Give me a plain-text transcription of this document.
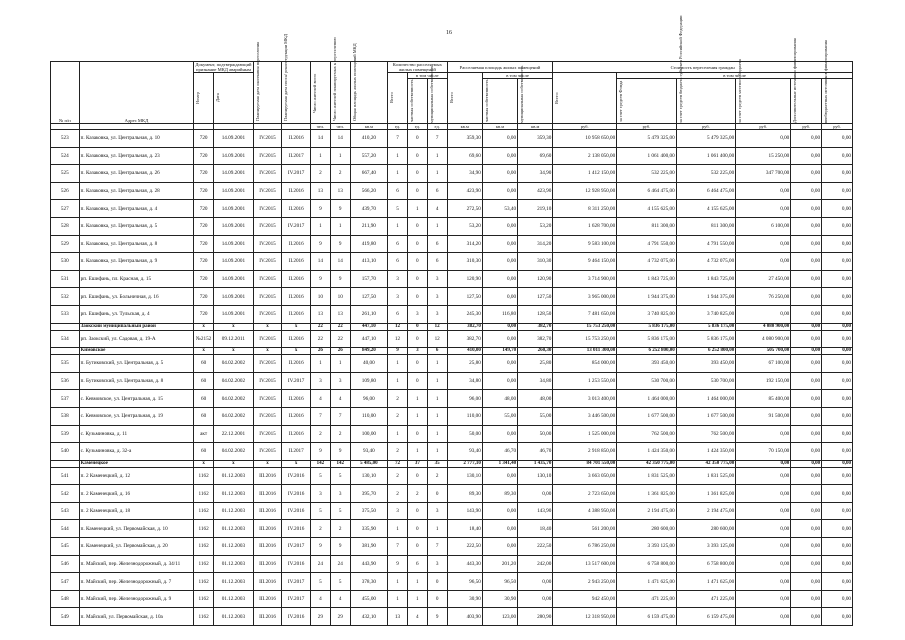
16
№ п/п	Адрес МКД	Документ, подтверждающий признание МКД аварийным		Планируемая дата окончания переселения	Планируемая дата сноса/ реконструкции МКД	Число жителей всего	Число жителей планируемых к переселению	Общая площадь жилых помещений МКД	Количество расселяемых жилых помещений			Расселяемая площадь жилых помещений			Стоимость переселения граждан					

		Номер	Дата						Всего	в том числе		Всего	в том числе		Всего:	в том числе				

										частная собственность	муниципальная собственность		частная собственность	муниципальная собственность		за счет средств Фонда	за счет средств бюджета субъекта Российской Федерации	за счет средств местного бюджета	Дополнительные источники финансирования	внебюджетных источников финансирования

						чел.	чел.	кв.м	ед.	ед.	ед.	кв.м	кв.м	кв.м	руб.	руб.	руб.	руб.	руб.	руб.
523	п. Казаковка, ул. Центральная, д. 10	720	14.09.2001	IV.2015	II.2016	14	14	410,20	7	0	7	359,30	0,00	359,30	10 958 650,00	5 479 325,00	5 479 325,00	0,00	0,00	0,00
524	п. Казаковка, ул. Центральная, д. 23	720	14.09.2001	IV.2015	II.2017	1	1	557,20	1	0	1	69,60	0,00	69,60	2 138 050,00	1 061 400,00	1 061 400,00	15 250,00	0,00	0,00
525	п. Казаковка, ул. Центральная, д. 26	720	14.09.2001	IV.2015	IV.2017	2	2	667,40	1	0	1	34,90	0,00	34,90	1 412 150,00	532 225,00	532 225,00	347 700,00	0,00	0,00
526	п. Казаковка, ул. Центральная, д. 28	720	14.09.2001	IV.2015	II.2016	13	13	566,20	6	0	6	423,90	0,00	423,90	12 928 950,00	6 464 475,00	6 464 475,00	0,00	0,00	0,00
527	п. Казаковка, ул. Центральная, д. 4	720	14.09.2001	IV.2015	II.2016	9	9	439,70	5	1	4	272,50	53,40	219,10	8 311 250,00	4 155 625,00	4 155 625,00	0,00	0,00	0,00
528	п. Казаковка, ул. Центральная, д. 5	720	14.09.2001	IV.2015	IV.2017	1	1	211,90	1	0	1	53,20	0,00	53,20	1 628 700,00	811 300,00	811 300,00	6 100,00	0,00	0,00
529	п. Казаковка, ул. Центральная, д. 8	720	14.09.2001	IV.2015	II.2016	9	9	419,80	6	0	6	314,20	0,00	314,20	9 583 100,00	4 791 550,00	4 791 550,00	0,00	0,00	0,00
530	п. Казаковка, ул. Центральная, д. 9	720	14.09.2001	IV.2015	II.2016	14	14	413,10	6	0	6	310,30	0,00	310,30	9 464 150,00	4 732 075,00	4 732 075,00	0,00	0,00	0,00
531	рп. Ешифань, пл. Красная, д. 15	720	14.09.2001	IV.2015	II.2016	9	9	157,70	3	0	3	120,90	0,00	120,90	3 714 900,00	1 843 725,00	1 843 725,00	27 450,00	0,00	0,00
532	рп. Ешифань, ул. Больничная, д. 16	720	14.09.2001	IV.2015	II.2016	10	10	127,50	3	0	3	127,50	0,00	127,50	3 965 000,00	1 944 375,00	1 944 375,00	76 250,00	0,00	0,00
533	рп. Ешифань, ул. Тульская, д. 4	720	14.09.2001	IV.2015	II.2016	13	13	261,10	6	3	3	245,30	116,80	128,50	7 481 650,00	3 740 825,00	3 740 825,00	0,00	0,00	0,00
	Заокский муниципальный район	x	x	x	x	22	22	447,10	12	0	12	382,70	0,00	382,70	15 753 250,00	5 836 175,00	5 836 175,00	4 080 900,00	0,00	0,00
534	рп. Заокский, ул. Садовая, д. 19-А	№2152	09.12.2011	IV.2015	II.2016	22	22	447,10	12	0	12	382,70	0,00	382,70	15 753 250,00	5 836 175,00	5 836 175,00	4 080 900,00	0,00	0,00
	Кимовское	x	x	x	x	26	26	849,20	9	3	6	410,00	149,70	260,30	13 011 300,00	6 252 800,00	6 252 800,00	505 700,00	0,00	0,00
535	п. Бутиковский, ул. Центральная, д. 5	60	04.02.2002	IV.2015	II.2016	1	1	40,00	1	0	1	25,80	0,00	25,80	854 000,00	393 450,00	393 450,00	67 100,00	0,00	0,00
536	п. Бутиковский, ул. Центральная, д. 8	60	04.02.2002	IV.2015	IV.2017	3	3	109,80	1	0	1	34,80	0,00	34,80	1 253 550,00	530 700,00	530 700,00	192 150,00	0,00	0,00
537	с. Кевмовское, ул. Центральная, д. 15	60	04.02.2002	IV.2015	II.2016	4	4	96,00	2	1	1	96,00	48,00	48,00	3 013 400,00	1 464 000,00	1 464 000,00	85 400,00	0,00	0,00
538	с. Кевмовское, ул. Центральная, д. 19	60	04.02.2002	IV.2015	II.2016	7	7	110,00	2	1	1	110,00	55,00	55,00	3 446 500,00	1 677 500,00	1 677 500,00	91 500,00	0,00	0,00
539	с. Кузьминовка, д. 11	акт	22.12.2001	IV.2015	II.2016	2	2	100,00	1	0	1	50,00	0,00	50,00	1 525 000,00	762 500,00	762 500,00	0,00	0,00	0,00
540	с. Кузьминовка, д. 32-а	60	04.02.2002	IV.2015	II.2017	9	9	93,40	2	1	1	93,40	46,70	46,70	2 918 850,00	1 424 350,00	1 424 350,00	70 150,00	0,00	0,00
	Каменецкое	x	x	x	x	142	142	5 485,00	72	37	35	2 777,10	1 341,40	1 435,70	84 701 550,00	42 350 775,00	42 350 775,00	0,00	0,00	0,00
541	п. 2 Каменецкий, д. 12	1162	01.12.2003	III.2016	IV.2016	5	5	130,10	2	0	2	130,10	0,00	130,10	3 663 050,00	1 831 525,00	1 831 525,00	0,00	0,00	0,00
542	п. 2 Каменецкий, д. 16	1162	01.12.2003	III.2016	IV.2016	3	3	395,70	2	2	0	89,30	89,30	0,00	2 723 650,00	1 361 825,00	1 361 825,00	0,00	0,00	0,00
543	п. 2 Каменецкий, д. 18	1162	01.12.2003	III.2016	IV.2016	5	5	375,50	3	0	3	143,90	0,00	143,90	4 388 950,00	2 194 475,00	2 194 475,00	0,00	0,00	0,00
544	п. Каменецкий, ул. Первомайская, д. 10	1162	01.12.2003	III.2016	IV.2016	2	2	335,90	1	0	1	18,40	0,00	18,40	561 200,00	280 600,00	280 600,00	0,00	0,00	0,00
545	п. Каменецкий, ул. Первомайская, д. 20	1162	01.12.2003	III.2016	IV.2017	9	9	381,90	7	0	7	222,50	0,00	222,50	6 786 250,00	3 393 125,00	3 393 125,00	0,00	0,00	0,00
546	п. Майский, пер. Железнодорожный, д. 34/11	1162	01.12.2003	III.2016	IV.2016	24	24	443,90	9	6	3	443,30	201,20	242,00	13 517 600,00	6 758 800,00	6 758 800,00	0,00	0,00	0,00
547	п. Майский, пер. Железнодорожный, д. 7	1162	01.12.2003	III.2016	IV.2017	5	5	378,30	1	1	0	96,50	96,50	0,00	2 943 250,00	1 471 625,00	1 471 625,00	0,00	0,00	0,00
548	п. Майский, пер. Железнодорожный, д. 9	1162	01.12.2003	III.2016	IV.2017	4	4	455,00	1	1	0	30,90	30,90	0,00	942 450,00	471 225,00	471 225,00	0,00	0,00	0,00
549	п. Майский, ул. Первомайская, д. 10а	1162	01.12.2003	III.2016	IV.2016	29	29	432,10	13	4	9	403,90	123,00	280,90	12 318 950,00	6 159 475,00	6 159 475,00	0,00	0,00	0,00
